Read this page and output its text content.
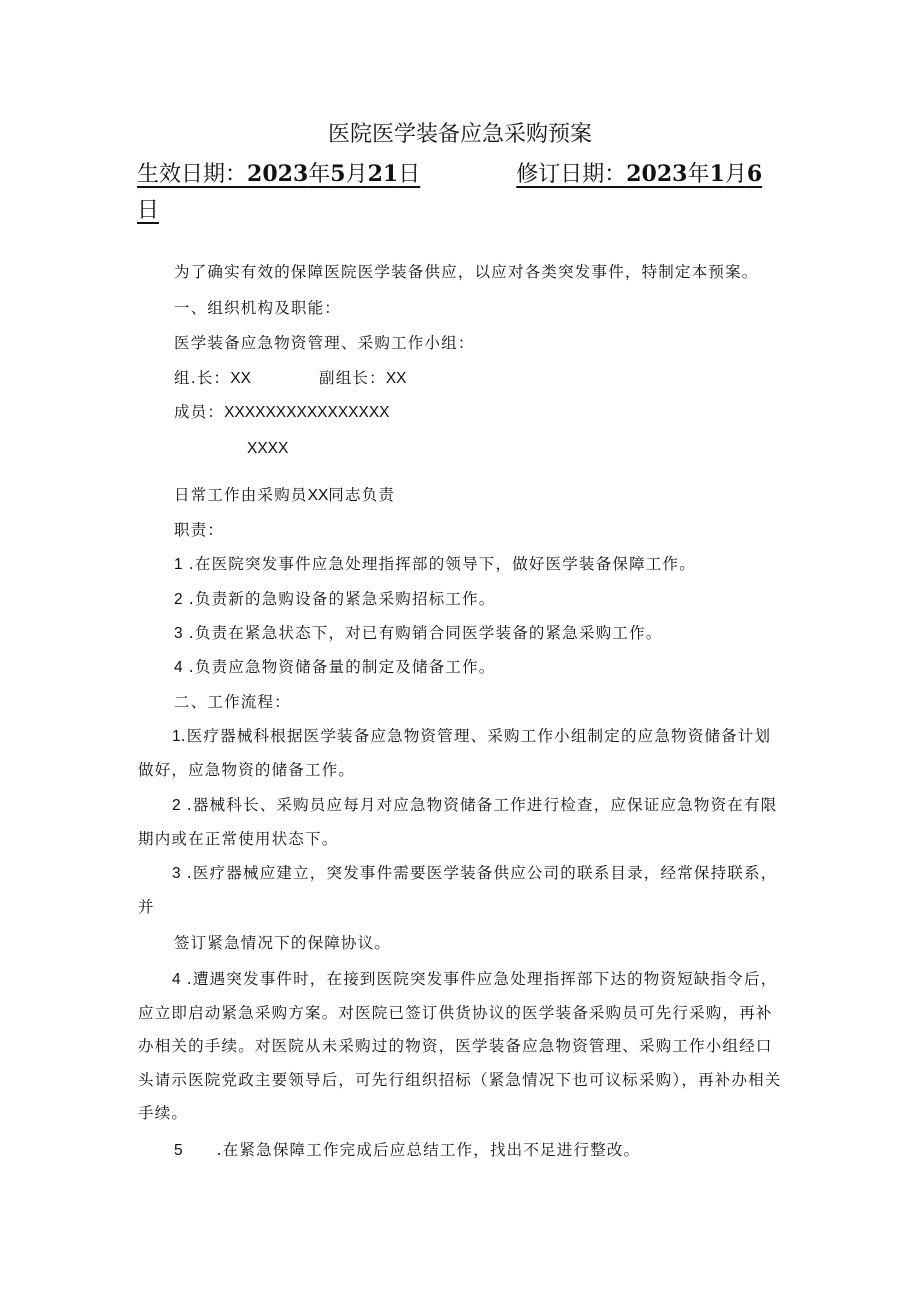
医院医学装备应急采购预案
生效日期：2023年5月21日	修订日期：2023年1月6
日
为了确实有效的保障医院医学装备供应，以应对各类突发事件，特制定本预案。
一、组织机构及职能：
医学装备应急物资管理、采购工作小组：
组.长：XX	副组长：XX
成员：XXXXXXXXXXXXXXXX
XXXX
日常工作由采购员XX同志负责
职责：
1 .在医院突发事件应急处理指挥部的领导下，做好医学装备保障工作。
2 .负责新的急购设备的紧急采购招标工作。
3 .负责在紧急状态下，对已有购销合同医学装备的紧急采购工作。
4 .负责应急物资储备量的制定及储备工作。
二、工作流程：
1.医疗器械科根据医学装备应急物资管理、采购工作小组制定的应急物资储备计划做好，应急物资的储备工作。
2 .器械科长、采购员应每月对应急物资储备工作进行检查，应保证应急物资在有限期内或在正常使用状态下。
3 .医疗器械应建立，突发事件需要医学装备供应公司的联系目录，经常保持联系，并
签订紧急情况下的保障协议。
4 .遭遇突发事件时，在接到医院突发事件应急处理指挥部下达的物资短缺指令后，应立即启动紧急采购方案。对医院已签订供货协议的医学装备采购员可先行采购，再补办相关的手续。对医院从未采购过的物资，医学装备应急物资管理、采购工作小组经口头请示医院党政主要领导后，可先行组织招标（紧急情况下也可议标采购），再补办相关手续。
5 .在紧急保障工作完成后应总结工作，找出不足进行整改。
